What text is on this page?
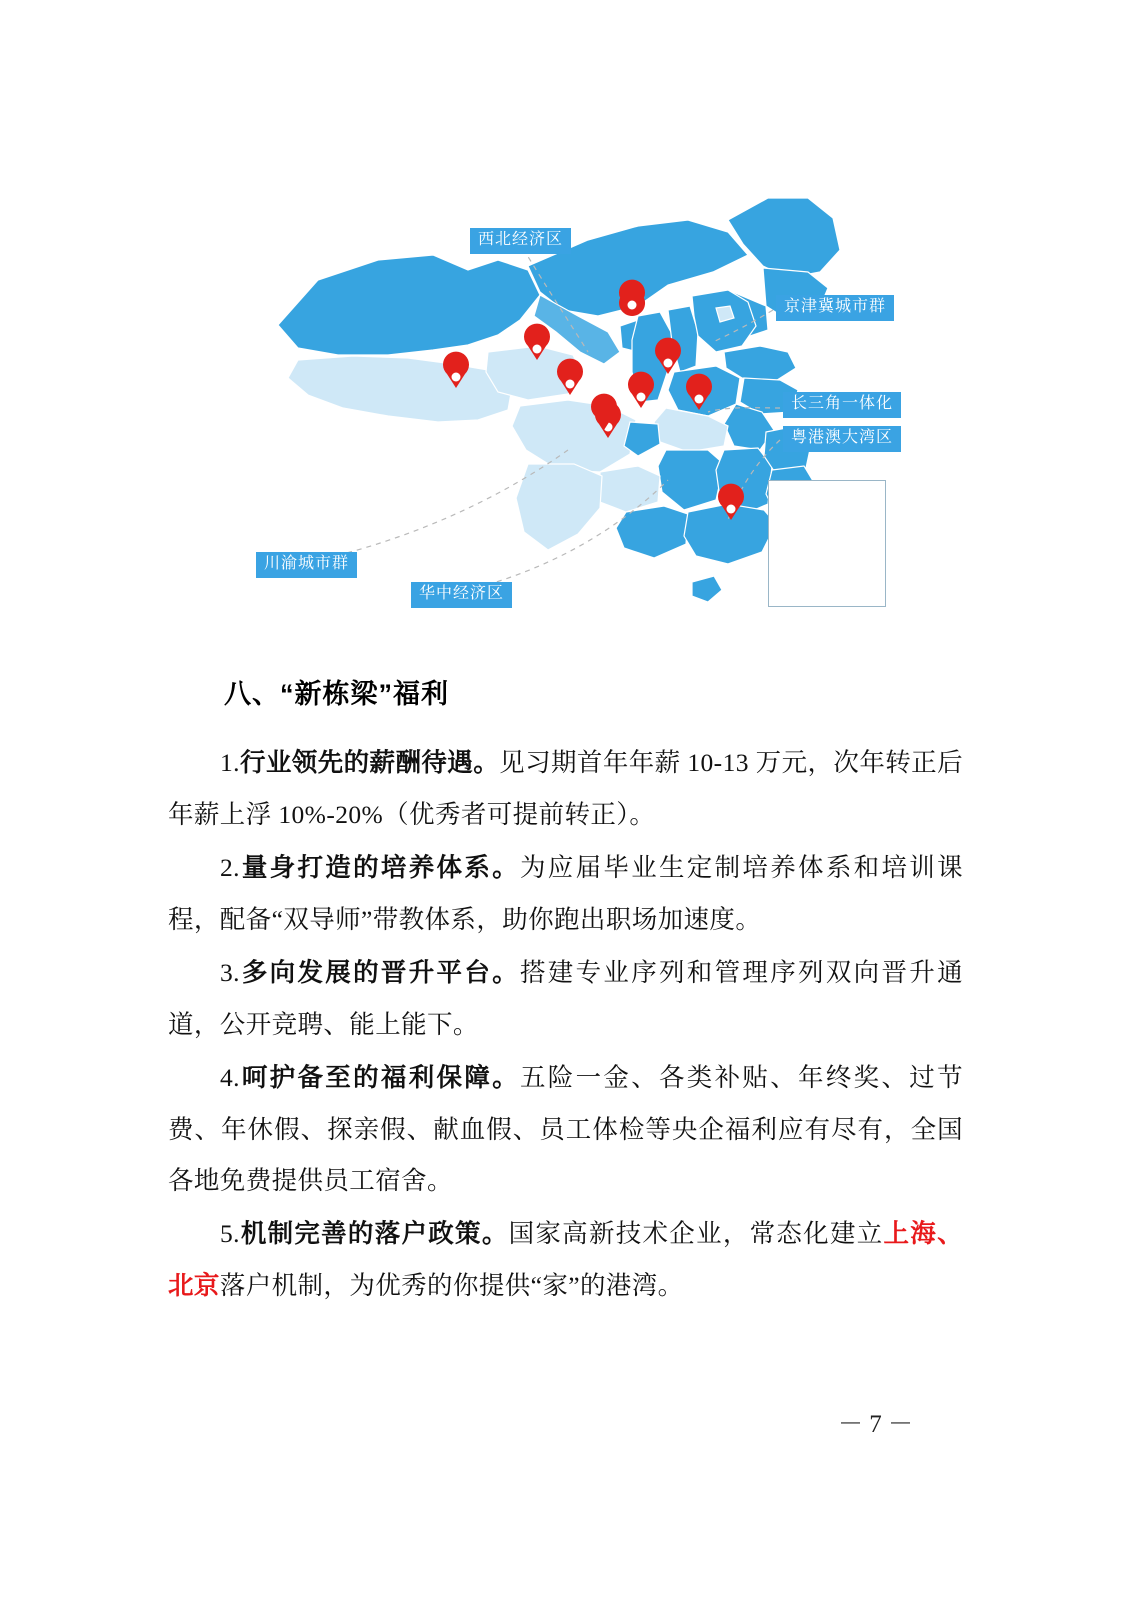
西北经济区
京津冀城市群
长三角一体化
粤港澳大湾区
川渝城市群
华中经济区
八、“新栋梁”福利

1.行业领先的薪酬待遇。见习期首年年薪 10-13 万元，次年转正后年薪上浮 10%-20%（优秀者可提前转正）。

2.量身打造的培养体系。为应届毕业生定制培养体系和培训课程，配备“双导师”带教体系，助你跑出职场加速度。

3.多向发展的晋升平台。搭建专业序列和管理序列双向晋升通道，公开竞聘、能上能下。

4.呵护备至的福利保障。五险一金、各类补贴、年终奖、过节费、年休假、探亲假、献血假、员工体检等央企福利应有尽有，全国各地免费提供员工宿舍。

5.机制完善的落户政策。国家高新技术企业，常态化建立上海、北京落户机制，为优秀的你提供“家”的港湾。

－ 7 －
